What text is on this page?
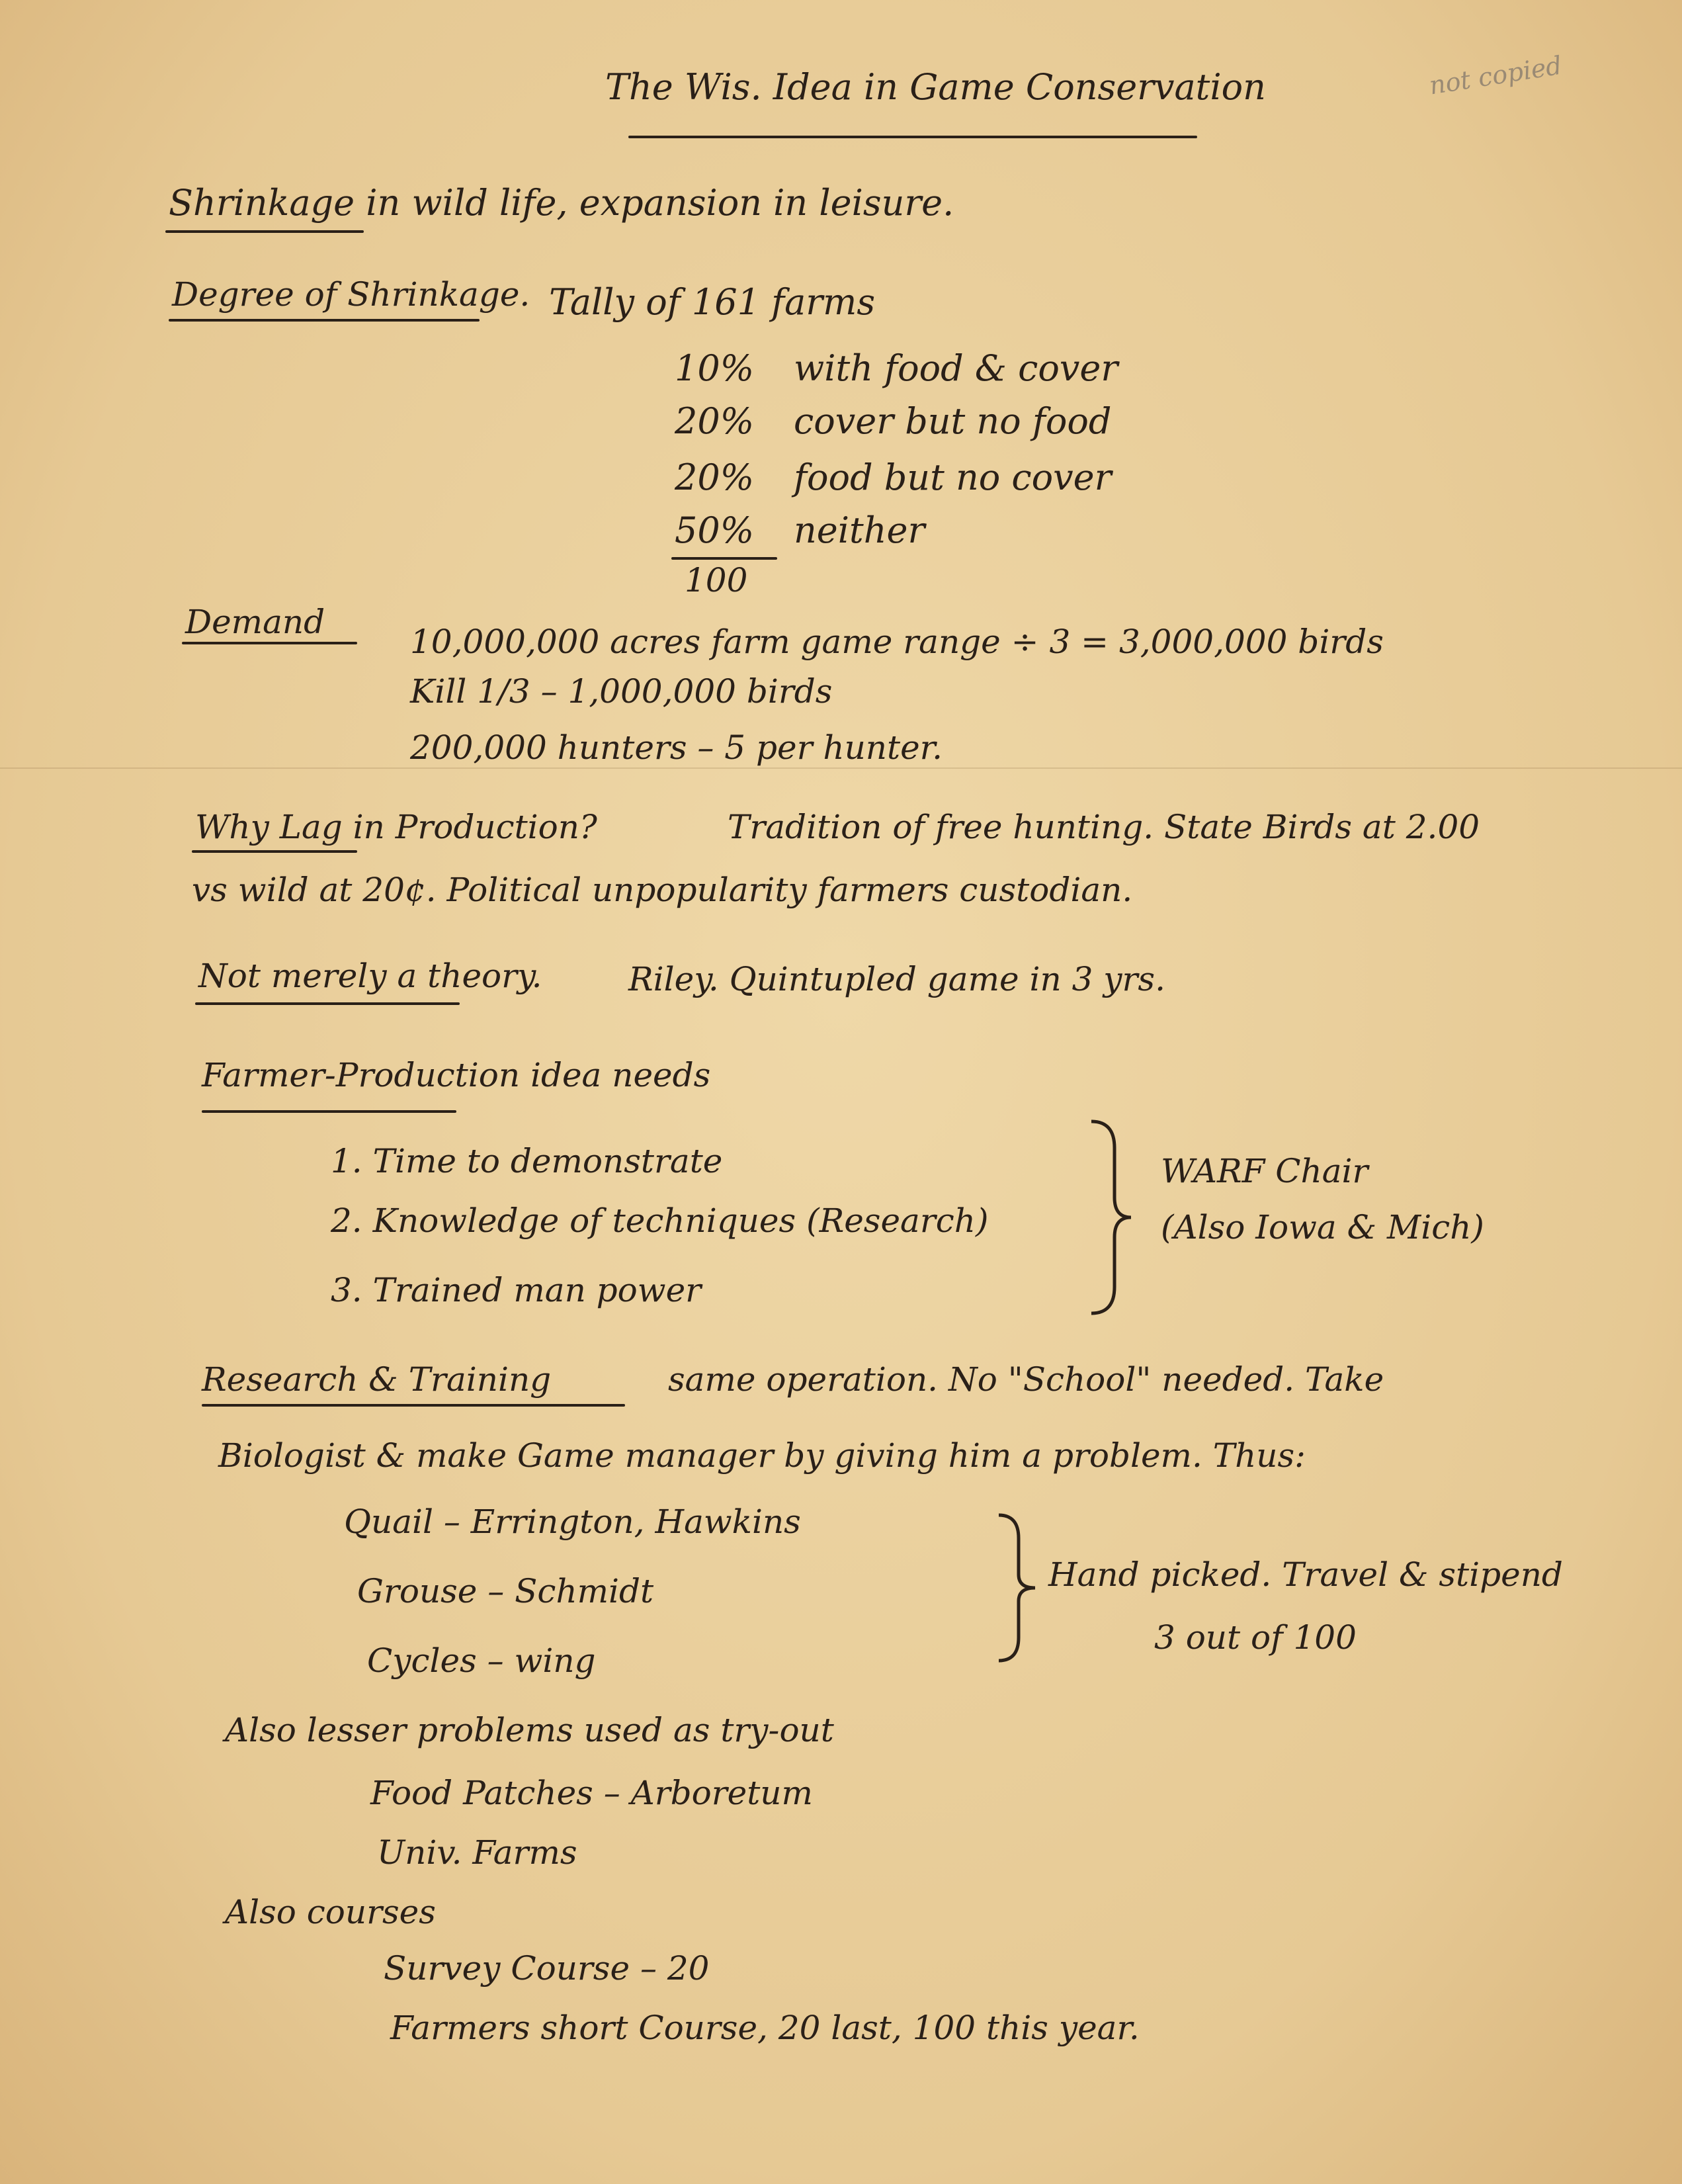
The Wis. Idea in Game Conservation	not copied
Shrinkage in wild life, expansion in leisure.
Degree of Shrinkage. Tally of 161 farms
10% with food & cover
20% cover but no food
20% food but no cover
50% neither
100
Demand
10,000,000 acres farm game range ÷ 3 = 3,000,000 birds
Kill 1/3 – 1,000,000 birds
200,000 hunters – 5 per hunter.
Why Lag in Production?	Tradition of free hunting. State Birds at 2.00
vs wild at 20¢. Political unpopularity farmers custodian.
Not merely a theory.	Riley. Quintupled game in 3 yrs.
Farmer-Production idea needs
1. Time to demonstrate
2. Knowledge of techniques (Research)
3. Trained man power
WARF Chair
(Also Iowa & Mich)
Research & Training	same operation. No "School" needed. Take
Biologist & make Game manager by giving him a problem. Thus:
Quail – Errington, Hawkins
Grouse – Schmidt
Cycles – wing
Hand picked. Travel & stipend
3 out of 100
Also lesser problems used as try-out
Food Patches – Arboretum
Univ. Farms
Also courses
Survey Course – 20
Farmers short Course, 20 last, 100 this year.
